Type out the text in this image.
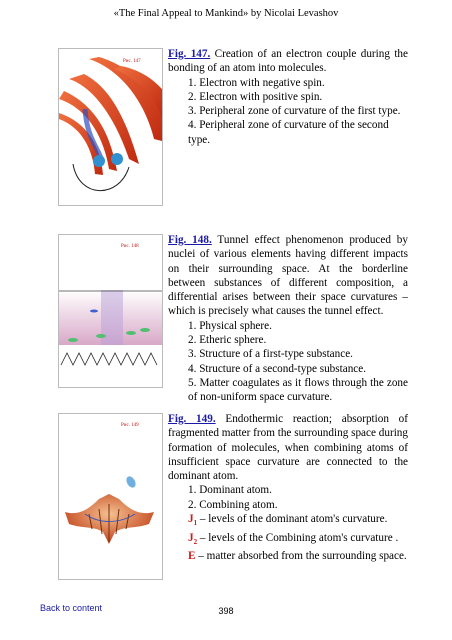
«The Final Appeal to Mankind» by Nicolai Levashov
Рис. 147
Fig. 147. Creation of an electron couple during the bonding of an atom into molecules.
1. Electron with negative spin.
2. Electron with positive spin.
3. Peripheral zone of curvature of the first type.
4. Peripheral zone of curvature of the second type.
Рис. 148
Fig. 148. Tunnel effect phenomenon produced by nuclei of various elements having different impacts on their surrounding space. At the borderline between substances of different composition, a differential arises between their space curvatures – which is precisely what causes the tunnel effect.
1. Physical sphere.
2. Etheric sphere.
3. Structure of a first-type substance.
4. Structure of a second-type substance.
5. Matter coagulates as it flows through the zone of non-uniform space curvature.
Рис. 149
Fig. 149. Endothermic reaction; absorption of fragmented matter from the surrounding space during formation of molecules, when combining atoms of insufficient space curvature are connected to the dominant atom.
1. Dominant atom.
2. Combining atom.
$J_1$ – levels of the dominant atom's curvature.
$J_2$ – levels of the Combining atom's curvature .
E – matter absorbed from the surrounding space.
Back to content	398
